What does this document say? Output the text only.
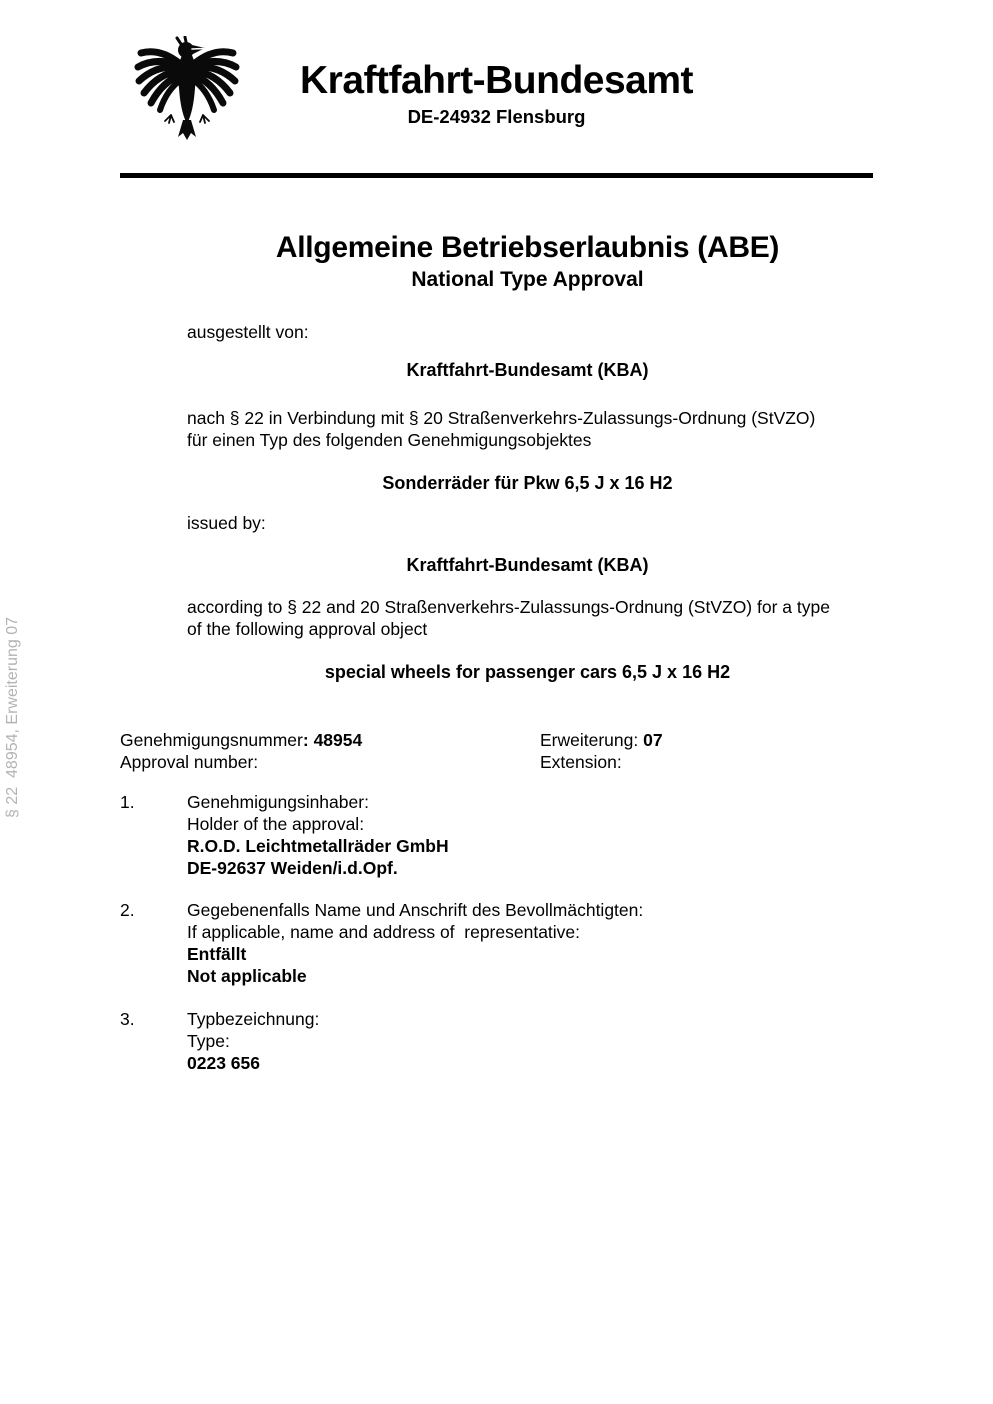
§ 22  48954, Erweiterung 07
Kraftfahrt-Bundesamt
DE-24932 Flensburg
Allgemeine Betriebserlaubnis (ABE)
National Type Approval
ausgestellt von:
Kraftfahrt-Bundesamt (KBA)
nach § 22 in Verbindung mit § 20 Straßenverkehrs-Zulassungs-Ordnung (StVZO)
für einen Typ des folgenden Genehmigungsobjektes
Sonderräder für Pkw 6,5 J x 16 H2
issued by:
Kraftfahrt-Bundesamt (KBA)
according to § 22 and 20 Straßenverkehrs-Zulassungs-Ordnung (StVZO) for a type
of the following approval object
special wheels for passenger cars 6,5 J x 16 H2
Genehmigungsnummer: 48954
Approval number:
Erweiterung: 07
Extension:
1.	Genehmigungsinhaber:
Holder of the approval:
R.O.D. Leichtmetallräder GmbH
DE-92637 Weiden/i.d.Opf.
2.	Gegebenenfalls Name und Anschrift des Bevollmächtigten:
If applicable, name and address of  representative:
Entfällt
Not applicable
3.	Typbezeichnung:
Type:
0223 656
